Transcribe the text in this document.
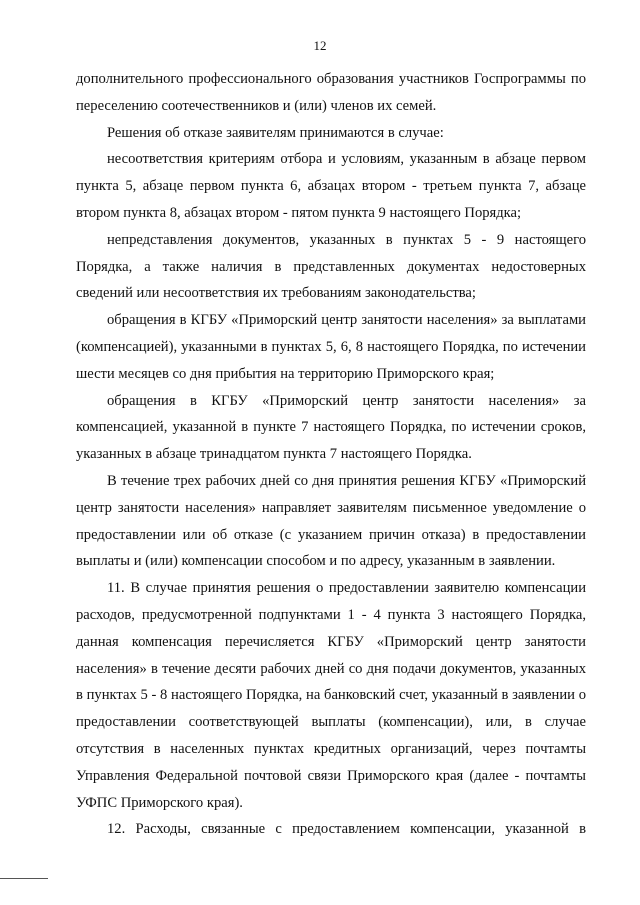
12

дополнительного профессионального образования участников Госпрограммы по переселению соотечественников и (или) членов их семей.

Решения об отказе заявителям принимаются в случае:

несоответствия критериям отбора и условиям, указанным в абзаце первом пункта 5, абзаце первом пункта 6, абзацах втором - третьем пункта 7, абзаце втором пункта 8, абзацах втором - пятом пункта 9 настоящего Порядка;

непредставления документов, указанных в пунктах 5 - 9 настоящего Порядка, а также наличия в представленных документах недостоверных сведений или несоответствия их требованиям законодательства;

обращения в КГБУ «Приморский центр занятости населения» за выплатами (компенсацией), указанными в пунктах 5, 6, 8 настоящего Порядка, по истечении шести месяцев со дня прибытия на территорию Приморского края;

обращения в КГБУ «Приморский центр занятости населения» за компенсацией, указанной в пункте 7 настоящего Порядка, по истечении сроков, указанных в абзаце тринадцатом пункта 7 настоящего Порядка.

В течение трех рабочих дней со дня принятия решения КГБУ «Приморский центр занятости населения» направляет заявителям письменное уведомление о предоставлении или об отказе (с указанием причин отказа) в предоставлении выплаты и (или) компенсации способом и по адресу, указанным в заявлении.

11. В случае принятия решения о предоставлении заявителю компенсации расходов, предусмотренной подпунктами 1 - 4 пункта 3 настоящего Порядка, данная компенсация перечисляется КГБУ «Приморский центр занятости населения» в течение десяти рабочих дней со дня подачи документов, указанных в пунктах 5 - 8 настоящего Порядка, на банковский счет, указанный в заявлении о предоставлении соответствующей выплаты (компенсации), или, в случае отсутствия в населенных пунктах кредитных организаций, через почтамты Управления Федеральной почтовой связи Приморского края (далее - почтамты УФПС Приморского края).

12. Расходы, связанные с предоставлением компенсации, указанной в
